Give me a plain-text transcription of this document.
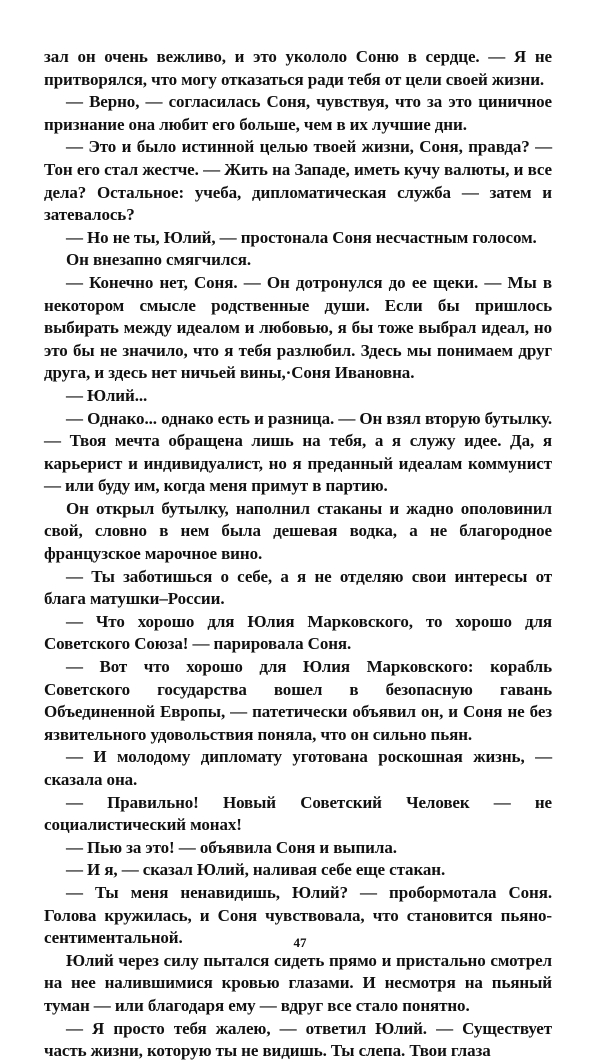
зал он очень вежливо, и это укололо Соню в сердце. — Я не притворялся, что могу отказаться ради тебя от цели своей жизни.

— Верно, — согласилась Соня, чувствуя, что за это циничное признание она любит его больше, чем в их лучшие дни.

— Это и было истинной целью твоей жизни, Соня, правда? — Тон его стал жестче. — Жить на Западе, иметь кучу валюты, и все дела? Остальное: учеба, дипломатическая служба — затем и затевалось?

— Но не ты, Юлий, — простонала Соня несчастным голосом.

Он внезапно смягчился.

— Конечно нет, Соня. — Он дотронулся до ее щеки. — Мы в некотором смысле родственные души. Если бы пришлось выбирать между идеалом и любовью, я бы тоже выбрал идеал, но это бы не значило, что я тебя разлюбил. Здесь мы понимаем друг друга, и здесь нет ничьей вины,·Соня Ивановна.

— Юлий...

— Однако... однако есть и разница. — Он взял вторую бутылку. — Твоя мечта обращена лишь на тебя, а я служу идее. Да, я карьерист и индивидуалист, но я преданный идеалам коммунист — или буду им, когда меня примут в партию.

Он открыл бутылку, наполнил стаканы и жадно ополовинил свой, словно в нем была дешевая водка, а не благородное французское марочное вино.

— Ты заботишься о себе, а я не отделяю свои интересы от блага матушки–России.

— Что хорошо для Юлия Марковского, то хорошо для Советского Союза! — парировала Соня.

— Вот что хорошо для Юлия Марковского: корабль Советского государства вошел в безопасную гавань Объединенной Европы, — патетически объявил он, и Соня не без язвительного удовольствия поняла, что он сильно пьян.

— И молодому дипломату уготована роскошная жизнь, — сказала она.

— Правильно! Новый Советский Человек — не социалистический монах!

— Пью за это! — объявила Соня и выпила.

— И я, — сказал Юлий, наливая себе еще стакан.

— Ты меня ненавидишь, Юлий? — пробормотала Соня. Голова кружилась, и Соня чувствовала, что становится пьяно-сентиментальной.

Юлий через силу пытался сидеть прямо и пристально смотрел на нее налившимися кровью глазами. И несмотря на пьяный туман — или благодаря ему — вдруг все стало понятно.

— Я просто тебя жалею, — ответил Юлий. — Существует часть жизни, которую ты не видишь. Ты слепа. Твои глаза

47
